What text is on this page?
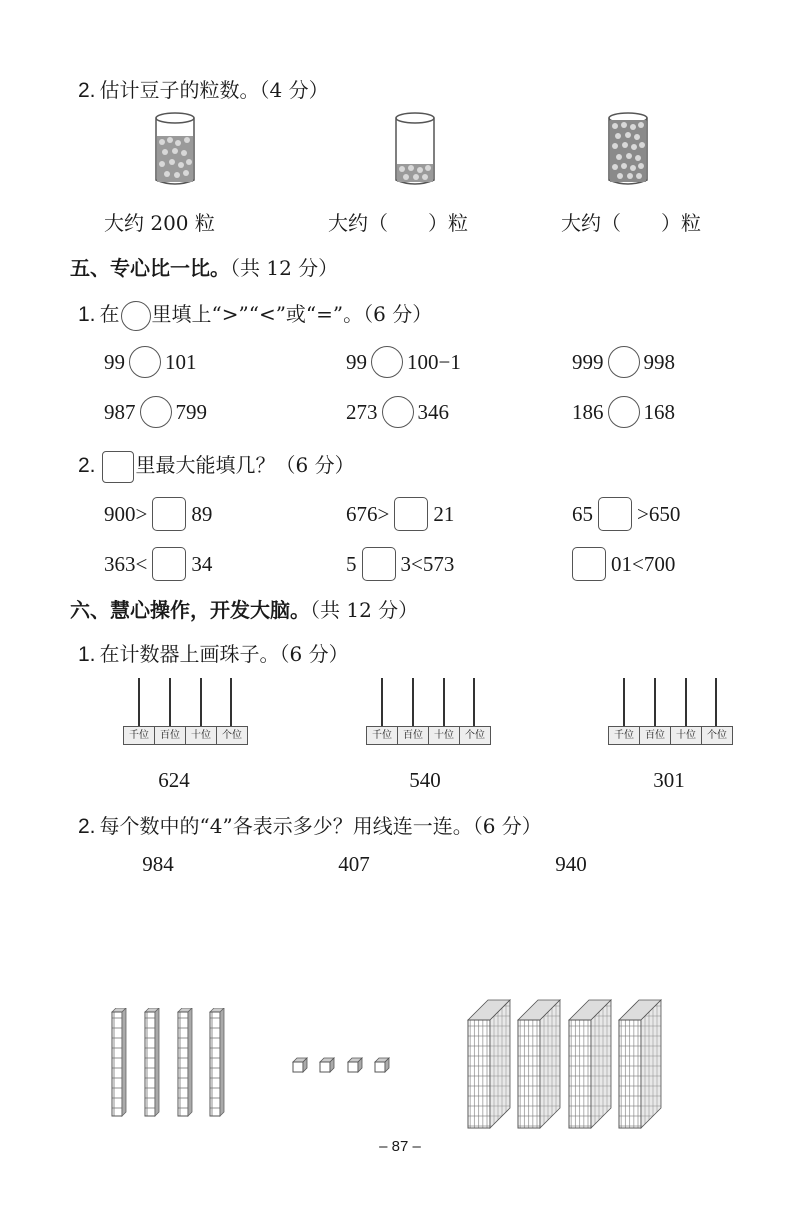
2. 估计豆子的粒数。（4 分）
大约 200 粒	大约（　　）粒	大约（　　）粒
五、专心比一比。（共 12 分）
1. 在 里填上“>”“<”或“=”。（6 分）
99 101	99 100−1	999 998
987 799	273 346	186 168
2. 里最大能填几？（6 分）
900> 89	676> 21	65 >650
363< 34	5 3<573	01<700
六、慧心操作，开发大脑。（共 12 分）
1. 在计数器上画珠子。（6 分）
千位	百位	十位	个位	千位	百位	十位	个位	千位	百位	十位	个位
624	540	301
2. 每个数中的“4”各表示多少？用线连一连。（6 分）
984	407	940
– 87 –
